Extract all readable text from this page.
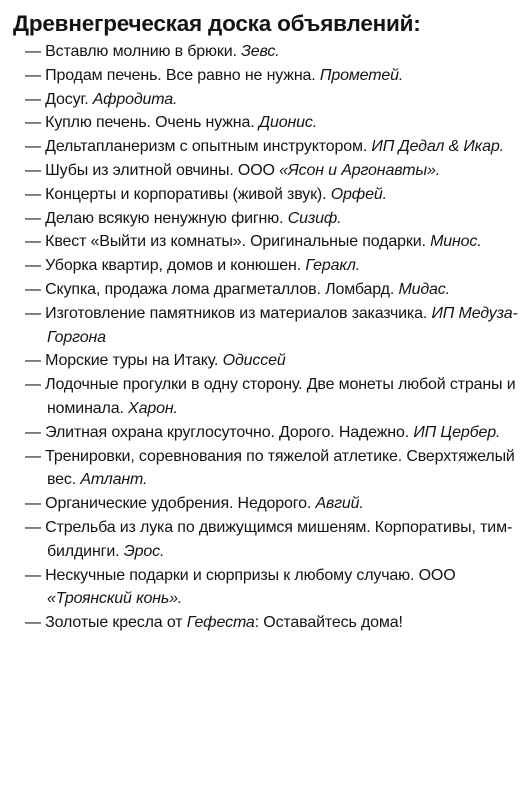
Древнегреческая доска объявлений:
— Вставлю молнию в брюки. Зевс.
— Продам печень. Все равно не нужна. Прометей.
— Досуг. Афродита.
— Куплю печень. Очень нужна. Дионис.
— Дельтапланеризм с опытным инструктором. ИП Дедал & Икар.
— Шубы из элитной овчины. ООО «Ясон и Аргонавты».
— Концерты и корпоративы (живой звук). Орфей.
— Делаю всякую ненужную фигню. Сизиф.
— Квест «Выйти из комнаты». Оригинальные подарки. Минос.
— Уборка квартир, домов и конюшен. Геракл.
— Скупка, продажа лома драгметаллов. Ломбард. Мидас.
— Изготовление памятников из материалов заказчика. ИП Медуза-Горгона
— Морские туры на Итаку. Одиссей
— Лодочные прогулки в одну сторону. Две монеты любой страны и номинала. Харон.
— Элитная охрана круглосуточно. Дорого. Надежно. ИП Цербер.
— Тренировки, соревнования по тяжелой атлетике. Сверхтяжелый вес. Атлант.
— Органические удобрения. Недорого. Авгий.
— Стрельба из лука по движущимся мишеням. Корпоративы, тим-билдинги. Эрос.
— Нескучные подарки и сюрпризы к любому случаю. ООО «Троянский конь».
— Золотые кресла от Гефеста: Оставайтесь дома!
